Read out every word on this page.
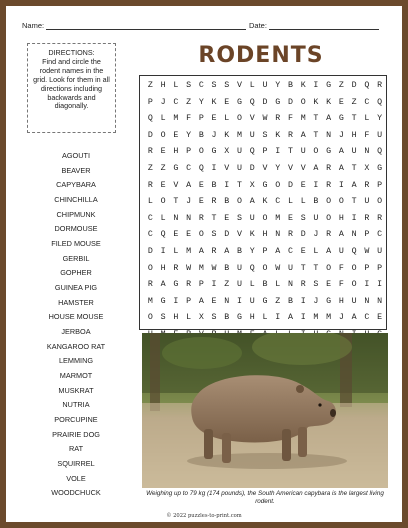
Name:	Date:
DIRECTIONS:
Find and circle the rodent names in the grid. Look for them in all directions including backwards and diagonally.
RODENTS
Z H L S C S S V L U Y B K I G Z D Q R
P J C Z Y K E G Q D G D O K K E Z C Q
Q L M F P E L O V W R F M T A G T L Y
D O E Y B J K M U S K R A T N J H F U
R E H P O G X U Q P I T U O G A U N Q
Z Z G C Q I V U D V Y V V A R A T X G
R E V A E B I T X G O D E I R I A R P
L O T J E R B O A K C L L B O O T U O
C L N N R T E S U O M E S U O H I R R
C Q E E O S D V K H N R D J R A N P C
D I L M A R A B Y P A C E L A U Q W U
O H R W M W B U Q O W U T T O F O P P
R A G R P I Z U L B L N R S E F O I I
M G I P A E N I U G Z B I J G H U N N
O S H L X S B G H L I A I M M J A C E
AGOUTI
BEAVER
CAPYBARA
CHINCHILLA
CHIPMUNK
DORMOUSE
FILED MOUSE
GERBIL
GOPHER
GUINEA PIG
HAMSTER
HOUSE MOUSE
JERBOA
KANGAROO RAT
LEMMING
MARMOT
MUSKRAT
NUTRIA
PORCUPINE
PRAIRIE DOG
RAT
SQUIRREL
VOLE
WOODCHUCK	Weighing up to 79 kg (174 pounds), the South American capybara is the largest living rodent.
© 2022 puzzles-to-print.com
